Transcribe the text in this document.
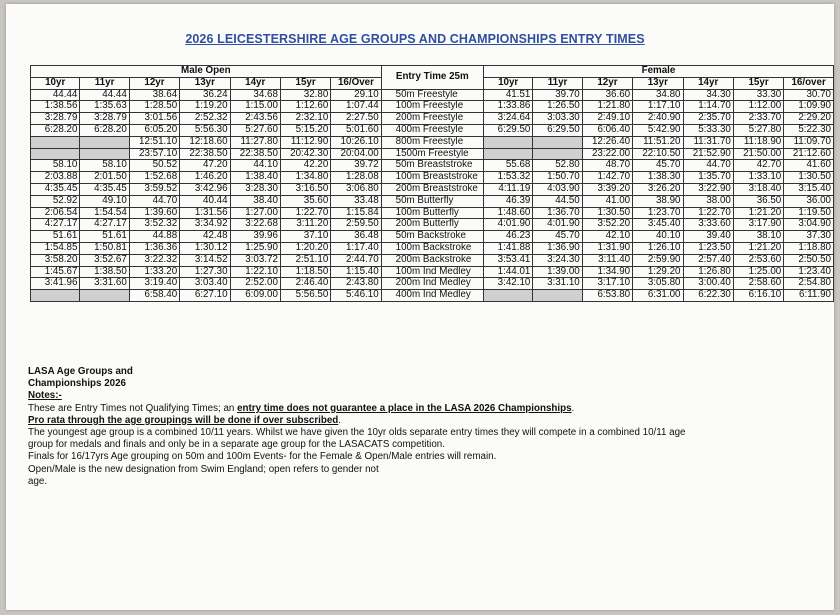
2026 LEICESTERSHIRE AGE GROUPS AND CHAMPIONSHIPS ENTRY TIMES
Male Open							Entry Time 25m	Female						
10yr	11yr	12yr	13yr	14yr	15yr	16/Over		10yr	11yr	12yr	13yr	14yr	15yr	16/over
44.44	44.44	38.64	36.24	34.68	32.80	29.10	50m Freestyle	41.51	39.70	36.60	34.80	34.30	33.30	30.70
1:38.56	1:35.63	1:28.50	1:19.20	1:15.00	1:12.60	1:07.44	100m Freestyle	1:33.86	1:26.50	1:21.80	1:17.10	1:14.70	1:12.00	1:09.90
3:28.79	3:28.79	3:01.56	2:52.32	2:43.56	2:32.10	2:27.50	200m Freestyle	3:24.64	3:03.30	2:49.10	2:40.90	2:35.70	2:33.70	2:29.20
6:28.20	6:28.20	6:05.20	5:56.30	5:27.60	5:15.20	5:01.60	400m Freestyle	6:29.50	6:29.50	6:06.40	5:42.90	5:33.30	5:27.80	5:22.30
		12:51.10	12:18.60	11:27.80	11:12.90	10:26.10	800m Freestyle			12:26.40	11:51.20	11:31.70	11:18.90	11:09.70
		23:57.10	22:38.50	22:38.50	20:42.30	20:04.00	1500m Freestyle			23:22.00	22:10.50	21:52.90	21:50.00	21:12.60
58.10	58.10	50.52	47.20	44.10	42.20	39.72	50m Breaststroke	55.68	52.80	48.70	45.70	44.70	42.70	41.60
2:03.88	2:01.50	1:52.68	1:46.20	1:38.40	1:34.80	1:28.08	100m Breaststroke	1:53.32	1:50.70	1:42.70	1:38.30	1:35.70	1:33.10	1:30.50
4:35.45	4:35.45	3:59.52	3:42.96	3:28.30	3:16.50	3:06.80	200m Breaststroke	4:11.19	4:03.90	3:39.20	3:26.20	3:22.90	3:18.40	3:15.40
52.92	49.10	44.70	40.44	38.40	35.60	33.48	50m Butterfly	46.39	44.50	41.00	38.90	38.00	36.50	36.00
2:06.54	1:54.54	1:39.60	1:31.56	1:27.00	1:22.70	1:15.84	100m Butterfly	1:48.60	1:36.70	1:30.50	1:23.70	1:22.70	1:21.20	1:19.50
4:27.17	4:27.17	3:52.32	3:34.92	3:22.68	3:11.20	2:59.50	200m Butterfly	4:01.90	4:01.90	3:52.20	3:45.40	3:33.60	3:17.90	3:04.90
51.61	51.61	44.88	42.48	39.96	37.10	36.48	50m Backstroke	46.23	45.70	42.10	40.10	39.40	38.10	37.30
1:54.85	1:50.81	1:36.36	1:30.12	1:25.90	1:20.20	1:17.40	100m Backstroke	1:41.88	1:36.90	1:31.90	1:26.10	1:23.50	1:21.20	1:18.80
3:58.20	3:52.67	3:22.32	3:14.52	3:03.72	2:51.10	2:44.70	200m Backstroke	3:53.41	3:24.30	3:11.40	2:59.90	2:57.40	2:53.60	2:50.50
1:45.67	1:38.50	1:33.20	1:27.30	1:22.10	1:18.50	1:15.40	100m Ind Medley	1:44.01	1:39.00	1:34.90	1:29.20	1:26.80	1:25.00	1:23.40
3:41.96	3:31.60	3:19.40	3:03.40	2:52.00	2:46.40	2:43.80	200m Ind Medley	3:42.10	3:31.10	3:17.10	3:05.80	3:00.40	2:58.60	2:54.80
		6:58.40	6:27.10	6:09.00	5:56.50	5:46.10	400m Ind Medley			6:53.80	6:31.00	6:22.30	6:16.10	6:11.90
LASA Age Groups and
Championships 2026
Notes:-
These are Entry Times not Qualifying Times; an entry time does not guarantee a place in the LASA 2026 Championships.
Pro rata through the age groupings will be done if over subscribed.
The youngest age group is a combined 10/11 years. Whilst we have given the 10yr olds separate entry times they will compete in a combined 10/11 age
group for medals and finals and only be in a separate age group for the LASACATS competition.
Finals for 16/17yrs Age grouping on 50m and 100m Events- for the Female & Open/Male entries will remain.
Open/Male is the new designation from Swim England; open refers to gender not
age.
